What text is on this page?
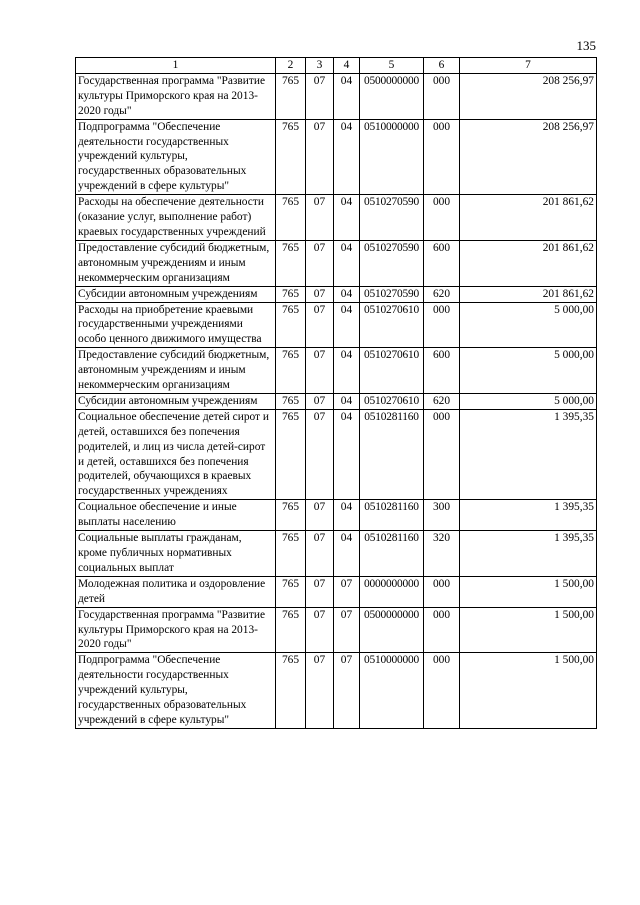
135
1	2	3	4	5	6	7
Государственная программа "Развитие культуры Приморского края на 2013-2020 годы"	765	07	04	0500000000	000	208 256,97
Подпрограмма "Обеспечение деятельности государственных учреждений культуры, государственных образовательных учреждений в сфере культуры"	765	07	04	0510000000	000	208 256,97
Расходы на обеспечение деятельности (оказание услуг, выполнение работ) краевых государственных учреждений	765	07	04	0510270590	000	201 861,62
Предоставление субсидий бюджетным, автономным учреждениям и иным некоммерческим организациям	765	07	04	0510270590	600	201 861,62
Субсидии автономным учреждениям	765	07	04	0510270590	620	201 861,62
Расходы на приобретение краевыми государственными учреждениями особо ценного движимого имущества	765	07	04	0510270610	000	5 000,00
Предоставление субсидий бюджетным, автономным учреждениям и иным некоммерческим организациям	765	07	04	0510270610	600	5 000,00
Субсидии автономным учреждениям	765	07	04	0510270610	620	5 000,00
Социальное обеспечение детей сирот и детей, оставшихся без попечения родителей, и лиц из числа детей-сирот и детей, оставшихся без попечения родителей, обучающихся в краевых государственных учреждениях	765	07	04	0510281160	000	1 395,35
Социальное обеспечение и иные выплаты населению	765	07	04	0510281160	300	1 395,35
Социальные выплаты гражданам, кроме публичных нормативных социальных выплат	765	07	04	0510281160	320	1 395,35
Молодежная политика и оздоровление детей	765	07	07	0000000000	000	1 500,00
Государственная программа "Развитие культуры Приморского края на 2013-2020 годы"	765	07	07	0500000000	000	1 500,00
Подпрограмма "Обеспечение деятельности государственных учреждений культуры, государственных образовательных учреждений в сфере культуры"	765	07	07	0510000000	000	1 500,00
